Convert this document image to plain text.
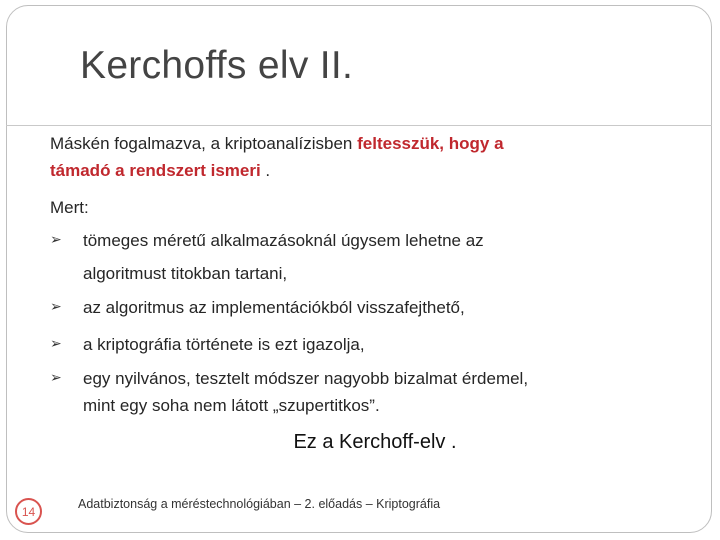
Kerchoffs elv II.
Máskén fogalmazva, a kriptoanalízisben feltesszük, hogy a
támadó a rendszert ismeri .
Mert:
➢ tömeges méretű alkalmazásoknál úgysem lehetne az
algoritmust titokban tartani,
➢ az algoritmus az implementációkból visszafejthető,
➢ a kriptográfia története is ezt igazolja,
➢ egy nyilvános, tesztelt módszer nagyobb bizalmat érdemel,
mint egy soha nem látott „szupertitkos”.
Ez a Kerchoff-elv .
14
Adatbiztonság a méréstechnológiában – 2. előadás – Kriptográfia
